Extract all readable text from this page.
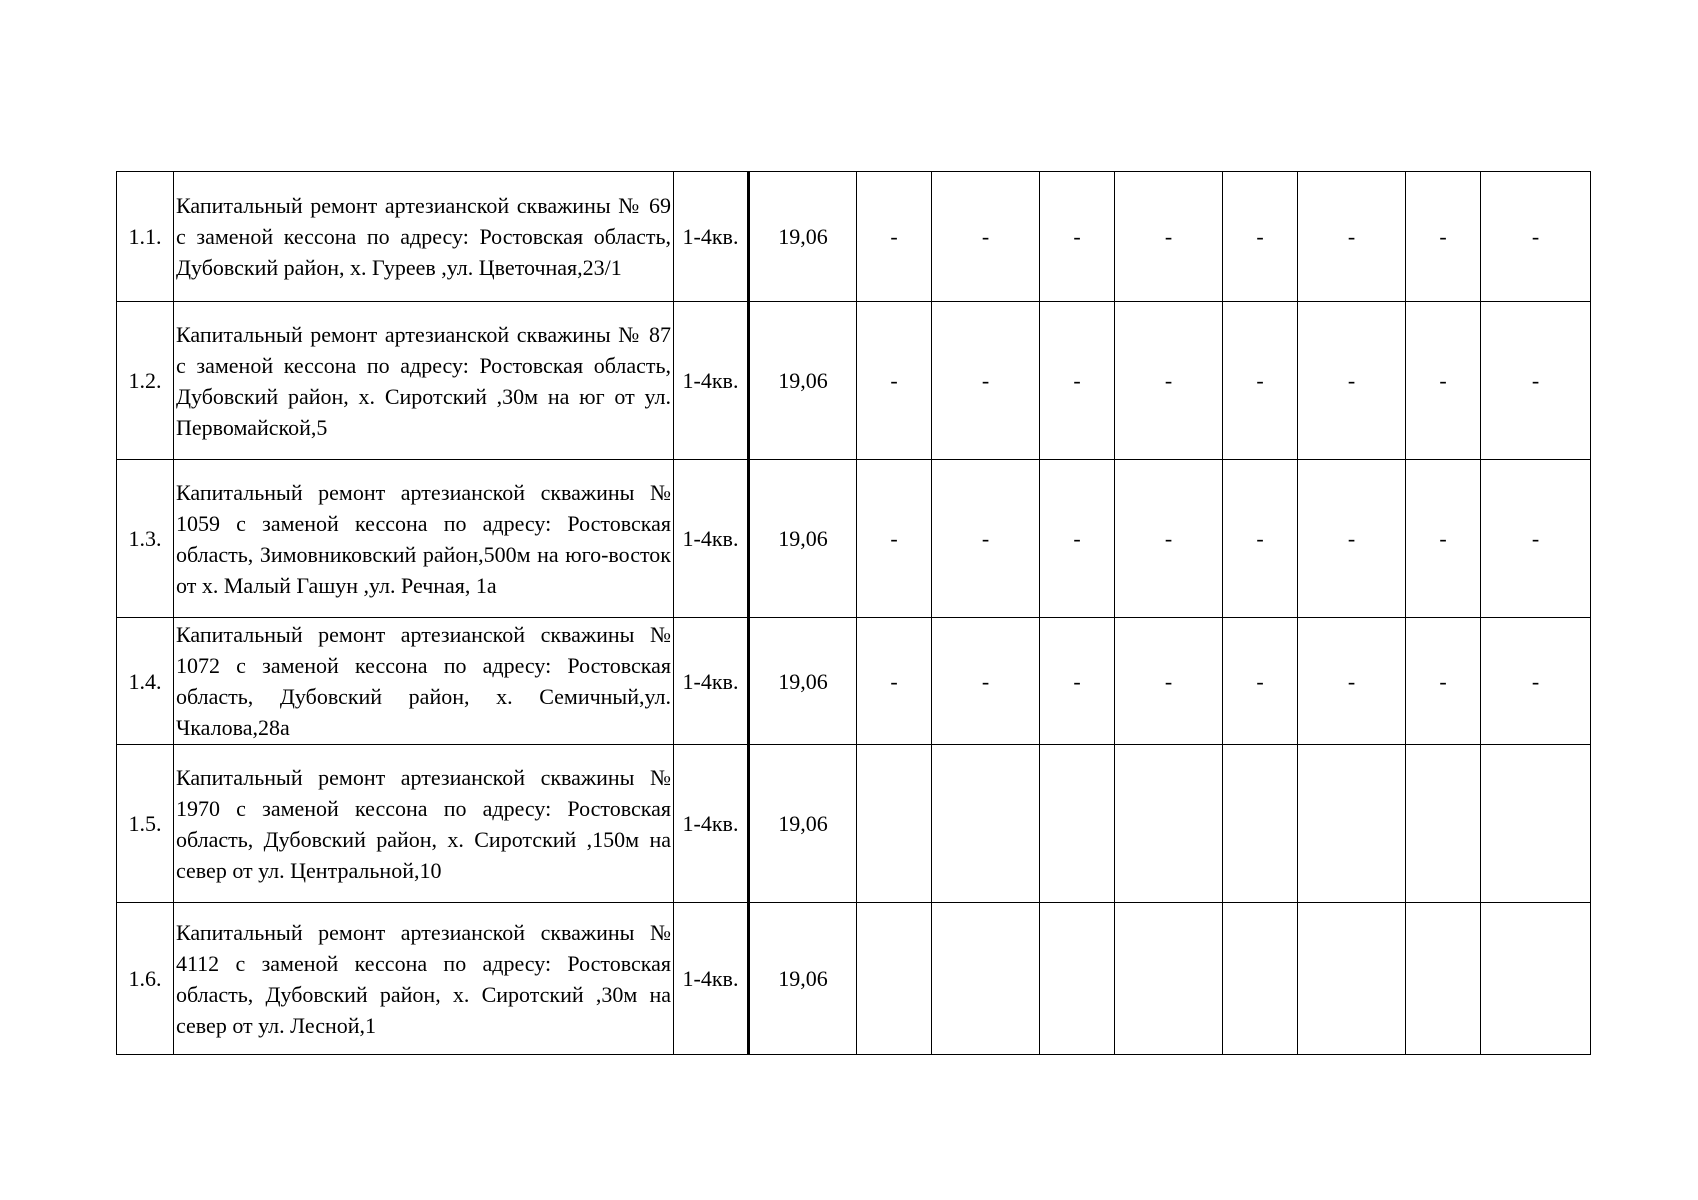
1.1.	Капитальный ремонт артезианской скважины № 69 с заменой кессона по адресу: Ростовская область, Дубовский район, х. Гуреев ,ул. Цветочная,23/1	1-4кв.	19,06	-	-	-	-	-	-	-	-
1.2.	Капитальный ремонт артезианской скважины № 87 с заменой кессона по адресу: Ростовская область, Дубовский район, х. Сиротский ,30м на юг от ул. Первомайской,5	1-4кв.	19,06	-	-	-	-	-	-	-	-
1.3.	Капитальный ремонт артезианской скважины № 1059 с заменой кессона по адресу: Ростовская область, Зимовниковский район,500м на юго-восток от х. Малый Гашун ,ул. Речная, 1а	1-4кв.	19,06	-	-	-	-	-	-	-	-
1.4.	Капитальный ремонт артезианской скважины № 1072 с заменой кессона по адресу: Ростовская область, Дубовский район, х. Семичный,ул. Чкалова,28а	1-4кв.	19,06	-	-	-	-	-	-	-	-
1.5.	Капитальный ремонт артезианской скважины № 1970 с заменой кессона по адресу: Ростовская область, Дубовский район, х. Сиротский ,150м на север от ул. Центральной,10	1-4кв.	19,06								
1.6.	Капитальный ремонт артезианской скважины № 4112 с заменой кессона по адресу: Ростовская область, Дубовский район, х. Сиротский ,30м на север от ул. Лесной,1	1-4кв.	19,06								
